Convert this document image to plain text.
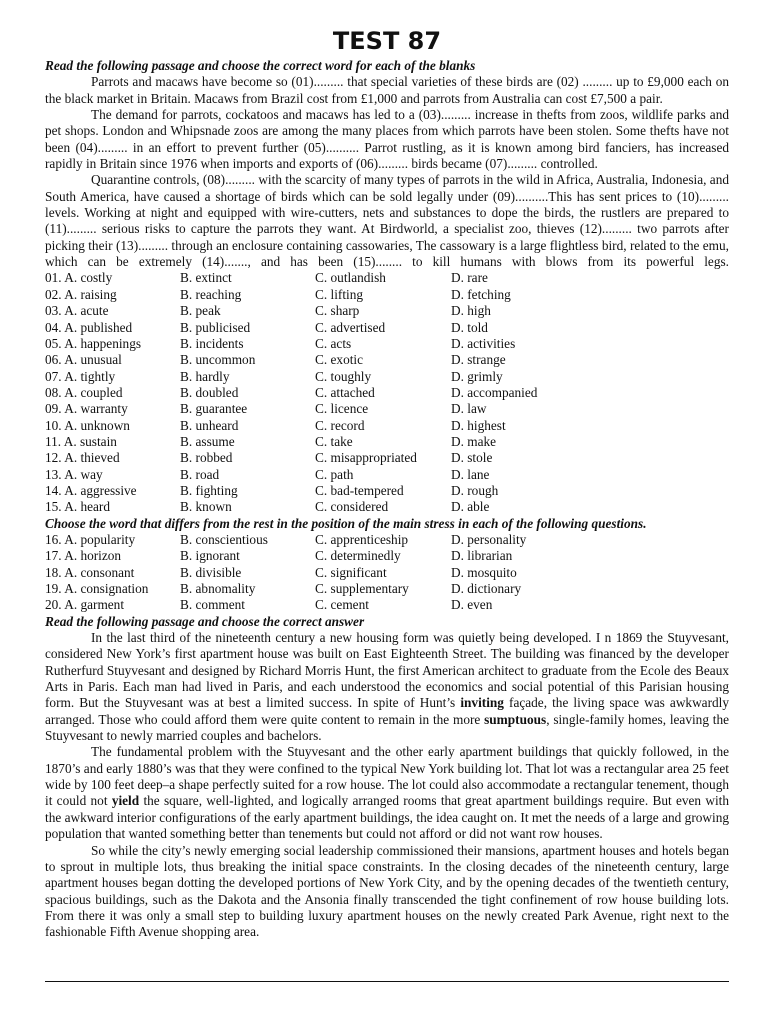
TEST 87
Read the following passage and choose the correct word for each of the blanks

Parrots and macaws have become so (01)......... that special varieties of these birds are (02) ......... up to £9,000 each on the black market in Britain. Macaws from Brazil cost from £1,000 and parrots from Australia can cost £7,500 a pair.

The demand for parrots, cockatoos and macaws has led to a (03)......... increase in thefts from zoos, wildlife parks and pet shops. London and Whipsnade zoos are among the many places from which parrots have been stolen. Some thefts have not been (04)......... in an effort to prevent further (05).......... Parrot rustling, as it is known among bird fanciers, has increased rapidly in Britain since 1976 when imports and exports of (06)......... birds became (07)......... controlled.

Quarantine controls, (08)......... with the scarcity of many types of parrots in the wild in Africa, Australia, Indonesia, and South America, have caused a shortage of birds which can be sold legally under (09)..........This has sent prices to (10)......... levels. Working at night and equipped with wire-cutters, nets and substances to dope the birds, the rustlers are prepared to (11)......... serious risks to capture the parrots they want. At Birdworld, a specialist zoo, thieves (12)......... two parrots after picking their (13)......... through an enclosure containing cassowaries, The cassowary is a large flightless bird, related to the emu, which can be extremely (14)......., and has been (15)........ to kill humans with blows from its powerful legs.

01. A. costly	B. extinct	C. outlandish	D. rare
02. A. raising	B. reaching	C. lifting	D. fetching
03. A. acute	B. peak	C. sharp	D. high
04. A. published	B. publicised	C. advertised	D. told
05. A. happenings	B. incidents	C. acts	D. activities
06. A. unusual	B. uncommon	C. exotic	D. strange
07. A. tightly	B. hardly	C. toughly	D. grimly
08. A. coupled	B. doubled	C. attached	D. accompanied
09. A. warranty	B. guarantee	C. licence	D. law
10. A. unknown	B. unheard	C. record	D. highest
11. A. sustain	B. assume	C. take	D. make
12. A. thieved	B. robbed	C. misappropriated	D. stole
13. A. way	B. road	C. path	D. lane
14. A. aggressive	B. fighting	C. bad-tempered	D. rough
15. A. heard	B. known	C. considered	D. able
Choose the word that differs from the rest in the position of the main stress in each of the following questions.
16. A. popularity	B. conscientious	C. apprenticeship	D. personality
17. A. horizon	B. ignorant	C. determinedly	D. librarian
18. A. consonant	B. divisible	C. significant	D. mosquito
19. A. consignation	B. abnomality	C. supplementary	D. dictionary
20. A. garment	B. comment	C. cement	D. even
Read the following passage and choose the correct answer

In the last third of the nineteenth century a new housing form was quietly being developed. I n 1869 the Stuyvesant, considered New York’s first apartment house was built on East Eighteenth Street. The building was financed by the developer Rutherfurd Stuyvesant and designed by Richard Morris Hunt, the first American architect to graduate from the Ecole des Beaux Arts in Paris. Each man had lived in Paris, and each understood the economics and social potential of this Parisian housing form. But the Stuyvesant was at best a limited success. In spite of Hunt’s inviting façade, the living space was awkwardly arranged. Those who could afford them were quite content to remain in the more sumptuous, single-family homes, leaving the Stuyvesant to newly married couples and bachelors.

The fundamental problem with the Stuyvesant and the other early apartment buildings that quickly followed, in the 1870’s and early 1880’s was that they were confined to the typical New York building lot. That lot was a rectangular area 25 feet wide by 100 feet deep–a shape perfectly suited for a row house. The lot could also accommodate a rectangular tenement, though it could not yield the square, well-lighted, and logically arranged rooms that great apartment buildings require. But even with the awkward interior configurations of the early apartment buildings, the idea caught on. It met the needs of a large and growing population that wanted something better than tenements but could not afford or did not want row houses.

So while the city’s newly emerging social leadership commissioned their mansions, apartment houses and hotels began to sprout in multiple lots, thus breaking the initial space constraints. In the closing decades of the nineteenth century, large apartment houses began dotting the developed portions of New York City, and by the opening decades of the twentieth century, spacious buildings, such as the Dakota and the Ansonia finally transcended the tight confinement of row house building lots. From there it was only a small step to building luxury apartment houses on the newly created Park Avenue, right next to the fashionable Fifth Avenue shopping area.
